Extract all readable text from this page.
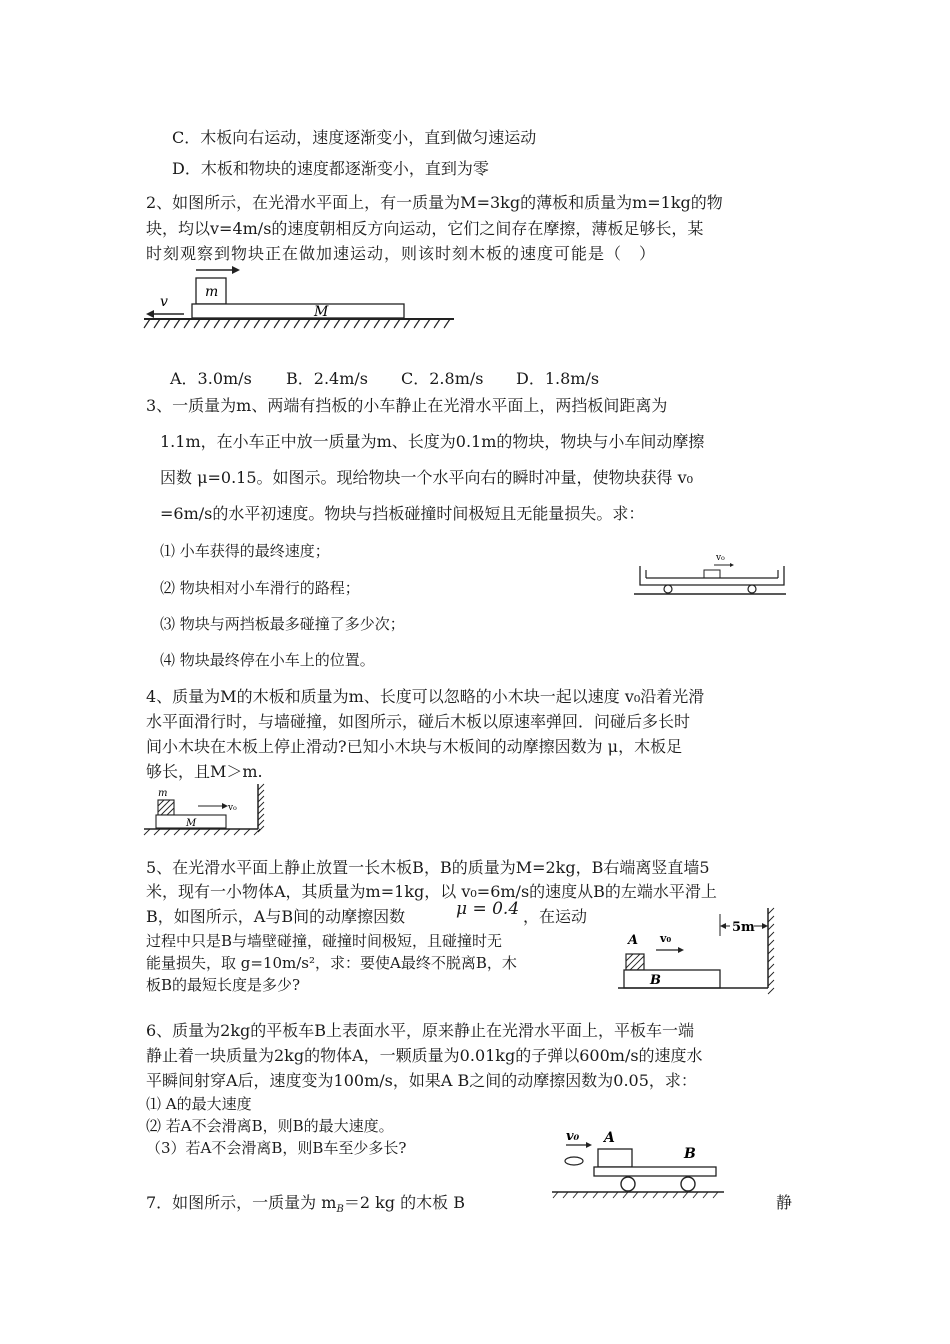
C．木板向右运动，速度逐渐变小，直到做匀速运动
D．木板和物块的速度都逐渐变小，直到为零
2、如图所示，在光滑水平面上，有一质量为M=3kg的薄板和质量为m=1kg的物
块，均以v=4m/s的速度朝相反方向运动，它们之间存在摩擦，薄板足够长，某
时刻观察到物块正在做加速运动，则该时刻木板的速度可能是（　）
m
M
v
A．3.0m/s B．2.4m/s C．2.8m/s D．1.8m/s
3、一质量为m、两端有挡板的小车静止在光滑水平面上，两挡板间距离为
1.1m，在小车正中放一质量为m、长度为0.1m的物块，物块与小车间动摩擦
因数 μ=0.15。如图示。现给物块一个水平向右的瞬时冲量，使物块获得 v₀
=6m/s的水平初速度。物块与挡板碰撞时间极短且无能量损失。求：
⑴ 小车获得的最终速度；
⑵ 物块相对小车滑行的路程；
⑶ 物块与两挡板最多碰撞了多少次；
⑷ 物块最终停在小车上的位置。
v₀
4、质量为M的木板和质量为m、长度可以忽略的小木块一起以速度 v₀沿着光滑
水平面滑行时，与墙碰撞，如图所示，碰后木板以原速率弹回．问碰后多长时
间小木块在木板上停止滑动?已知小木块与木板间的动摩擦因数为 μ，木板足
够长，且M＞m.
m
v₀
M
5、在光滑水平面上静止放置一长木板B，B的质量为M=2kg，B右端离竖直墙5
米，现有一小物体A，其质量为m=1kg，以 v₀=6m/s的速度从B的左端水平滑上
B，如图所示，A与B间的动摩擦因数	μ = 0.4 ，在运动
过程中只是B与墙壁碰撞，碰撞时间极短，且碰撞时无
能量损失，取 g=10m/s²，求：要使A最终不脱离B，木
板B的最短长度是多少?
5m
A v₀
B
6、质量为2kg的平板车B上表面水平，原来静止在光滑水平面上，平板车一端
静止着一块质量为2kg的物体A，一颗质量为0.01kg的子弹以600m/s的速度水
平瞬间射穿A后，速度变为100m/s，如果A B之间的动摩擦因数为0.05，求：
⑴ A的最大速度
⑵ 若A不会滑离B，则B的最大速度。
（3）若A不会滑离B，则B车至少多长?
v₀ A
B
7．如图所示，一质量为 $m_B=2$ kg 的木板 B	静
